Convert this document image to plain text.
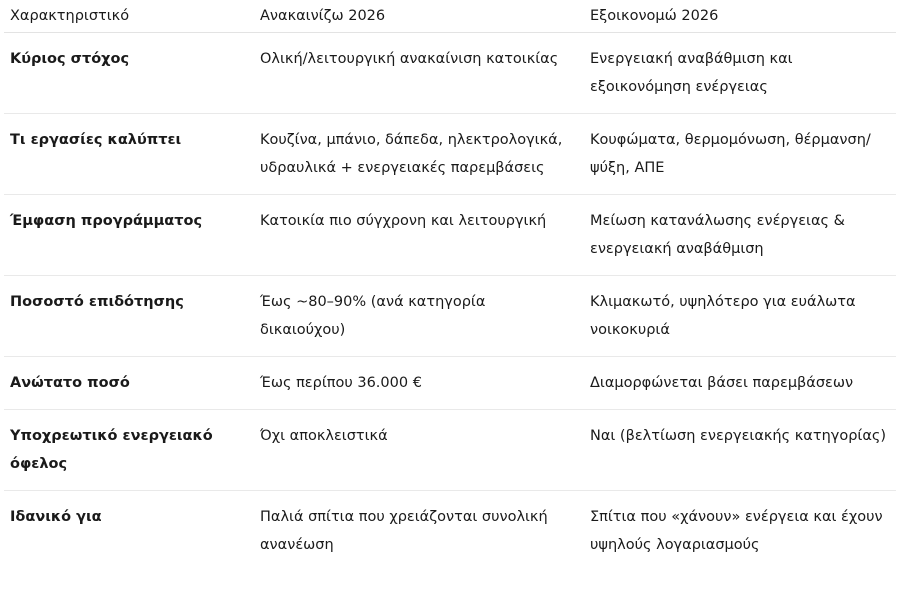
Χαρακτηριστικό	Ανακαινίζω 2026	Εξοικονομώ 2026
Κύριος στόχος	Ολική/λειτουργική ανακαίνιση κατοικίας	Ενεργειακή αναβάθμιση και εξοικονόμηση ενέργειας
Τι εργασίες καλύπτει	Κουζίνα, μπάνιο, δάπεδα, ηλεκτρολογικά, υδραυλικά + ενεργειακές παρεμβάσεις	Κουφώματα, θερμομόνωση, θέρμανση/ψύξη, ΑΠΕ
Έμφαση προγράμματος	Κατοικία πιο σύγχρονη και λειτουργική	Μείωση κατανάλωσης ενέργειας & ενεργειακή αναβάθμιση
Ποσοστό επιδότησης	Έως ~80–90% (ανά κατηγορία δικαιούχου)	Κλιμακωτό, υψηλότερο για ευάλωτα νοικοκυριά
Ανώτατο ποσό	Έως περίπου 36.000 €	Διαμορφώνεται βάσει παρεμβάσεων
Υποχρεωτικό ενεργειακό όφελος	Όχι αποκλειστικά	Ναι (βελτίωση ενεργειακής κατηγορίας)
Ιδανικό για	Παλιά σπίτια που χρειάζονται συνολική ανανέωση	Σπίτια που «χάνουν» ενέργεια και έχουν υψηλούς λογαριασμούς
